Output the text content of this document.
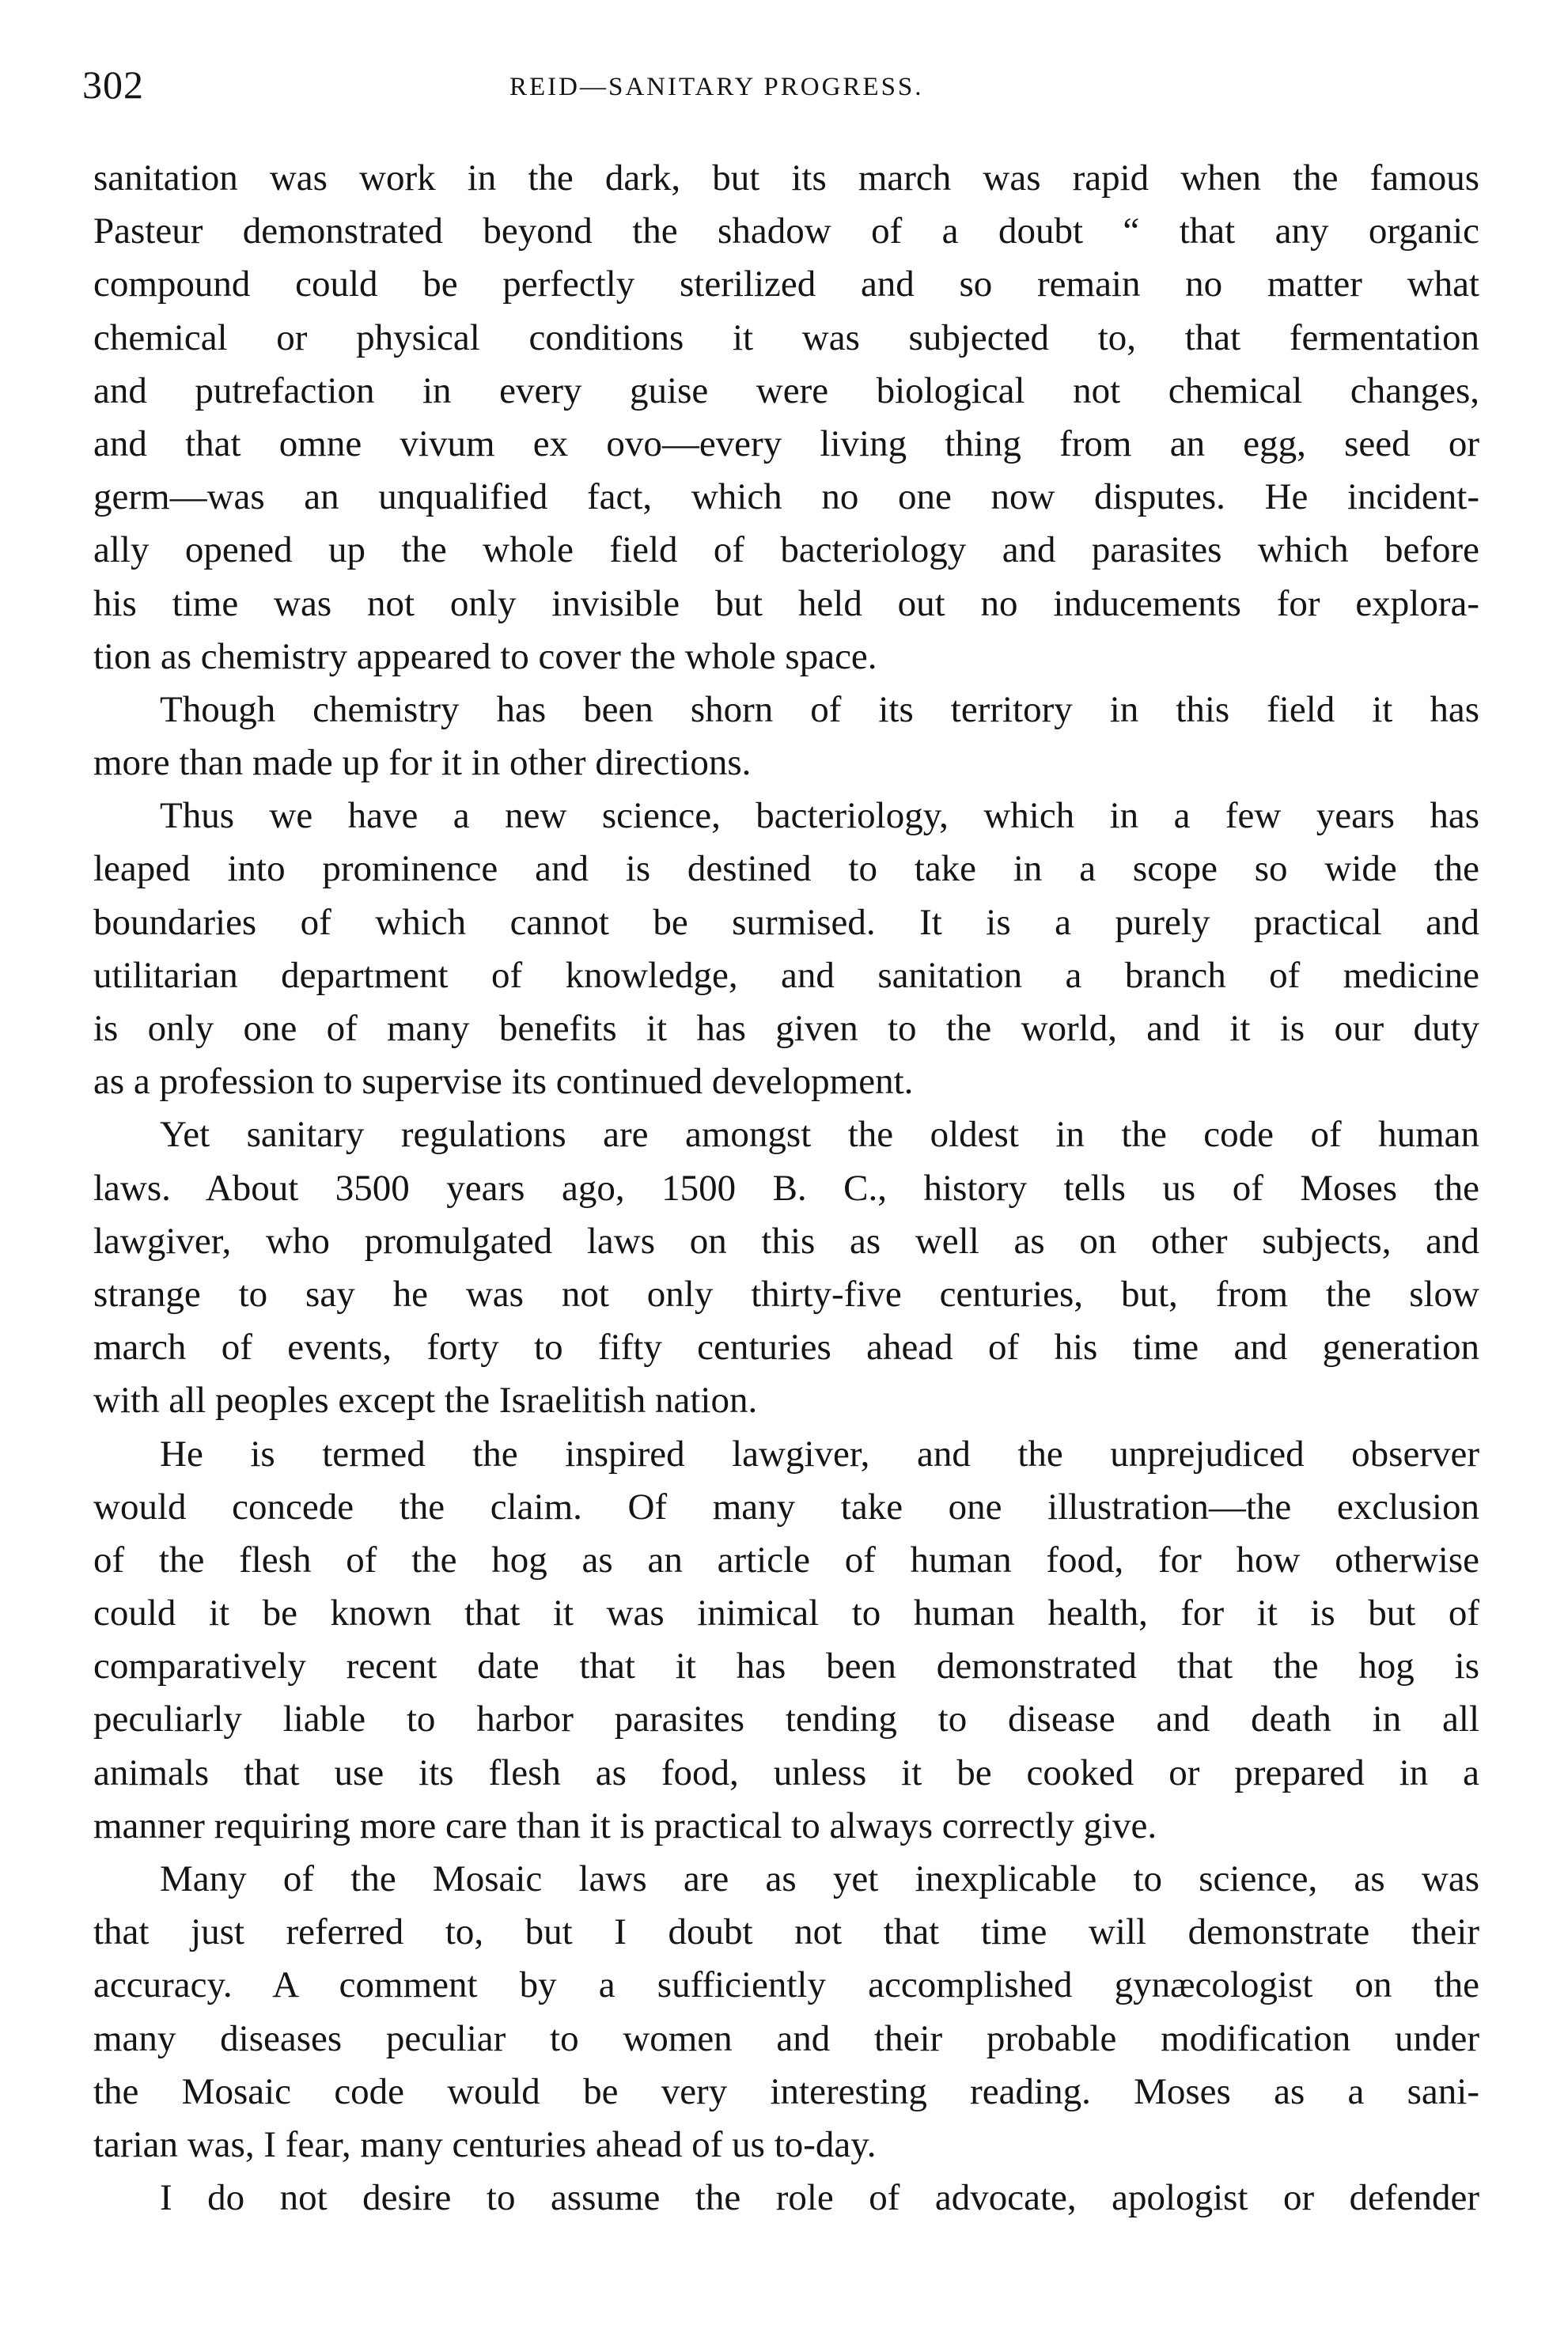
302	REID—SANITARY PROGRESS.
sanitation was work in the dark, but its march was rapid when the famous
Pasteur demonstrated beyond the shadow of a doubt “ that any organic
compound could be perfectly sterilized and so remain no matter what
chemical or physical conditions it was subjected to, that fermentation
and putrefaction in every guise were biological not chemical changes,
and that omne vivum ex ovo—every living thing from an egg, seed or
germ—was an unqualified fact, which no one now disputes. He incident-
ally opened up the whole field of bacteriology and parasites which before
his time was not only invisible but held out no inducements for explora-
tion as chemistry appeared to cover the whole space.
Though chemistry has been shorn of its territory in this field it has
more than made up for it in other directions.
Thus we have a new science, bacteriology, which in a few years has
leaped into prominence and is destined to take in a scope so wide the
boundaries of which cannot be surmised. It is a purely practical and
utilitarian department of knowledge, and sanitation a branch of medicine
is only one of many benefits it has given to the world, and it is our duty
as a profession to supervise its continued development.
Yet sanitary regulations are amongst the oldest in the code of human
laws. About 3500 years ago, 1500 B. C., history tells us of Moses the
lawgiver, who promulgated laws on this as well as on other subjects, and
strange to say he was not only thirty-five centuries, but, from the slow
march of events, forty to fifty centuries ahead of his time and generation
with all peoples except the Israelitish nation.
He is termed the inspired lawgiver, and the unprejudiced observer
would concede the claim. Of many take one illustration—the exclusion
of the flesh of the hog as an article of human food, for how otherwise
could it be known that it was inimical to human health, for it is but of
comparatively recent date that it has been demonstrated that the hog is
peculiarly liable to harbor parasites tending to disease and death in all
animals that use its flesh as food, unless it be cooked or prepared in a
manner requiring more care than it is practical to always correctly give.
Many of the Mosaic laws are as yet inexplicable to science, as was
that just referred to, but I doubt not that time will demonstrate their
accuracy. A comment by a sufficiently accomplished gynæcologist on the
many diseases peculiar to women and their probable modification under
the Mosaic code would be very interesting reading. Moses as a sani-
tarian was, I fear, many centuries ahead of us to-day.
I do not desire to assume the role of advocate, apologist or defender
